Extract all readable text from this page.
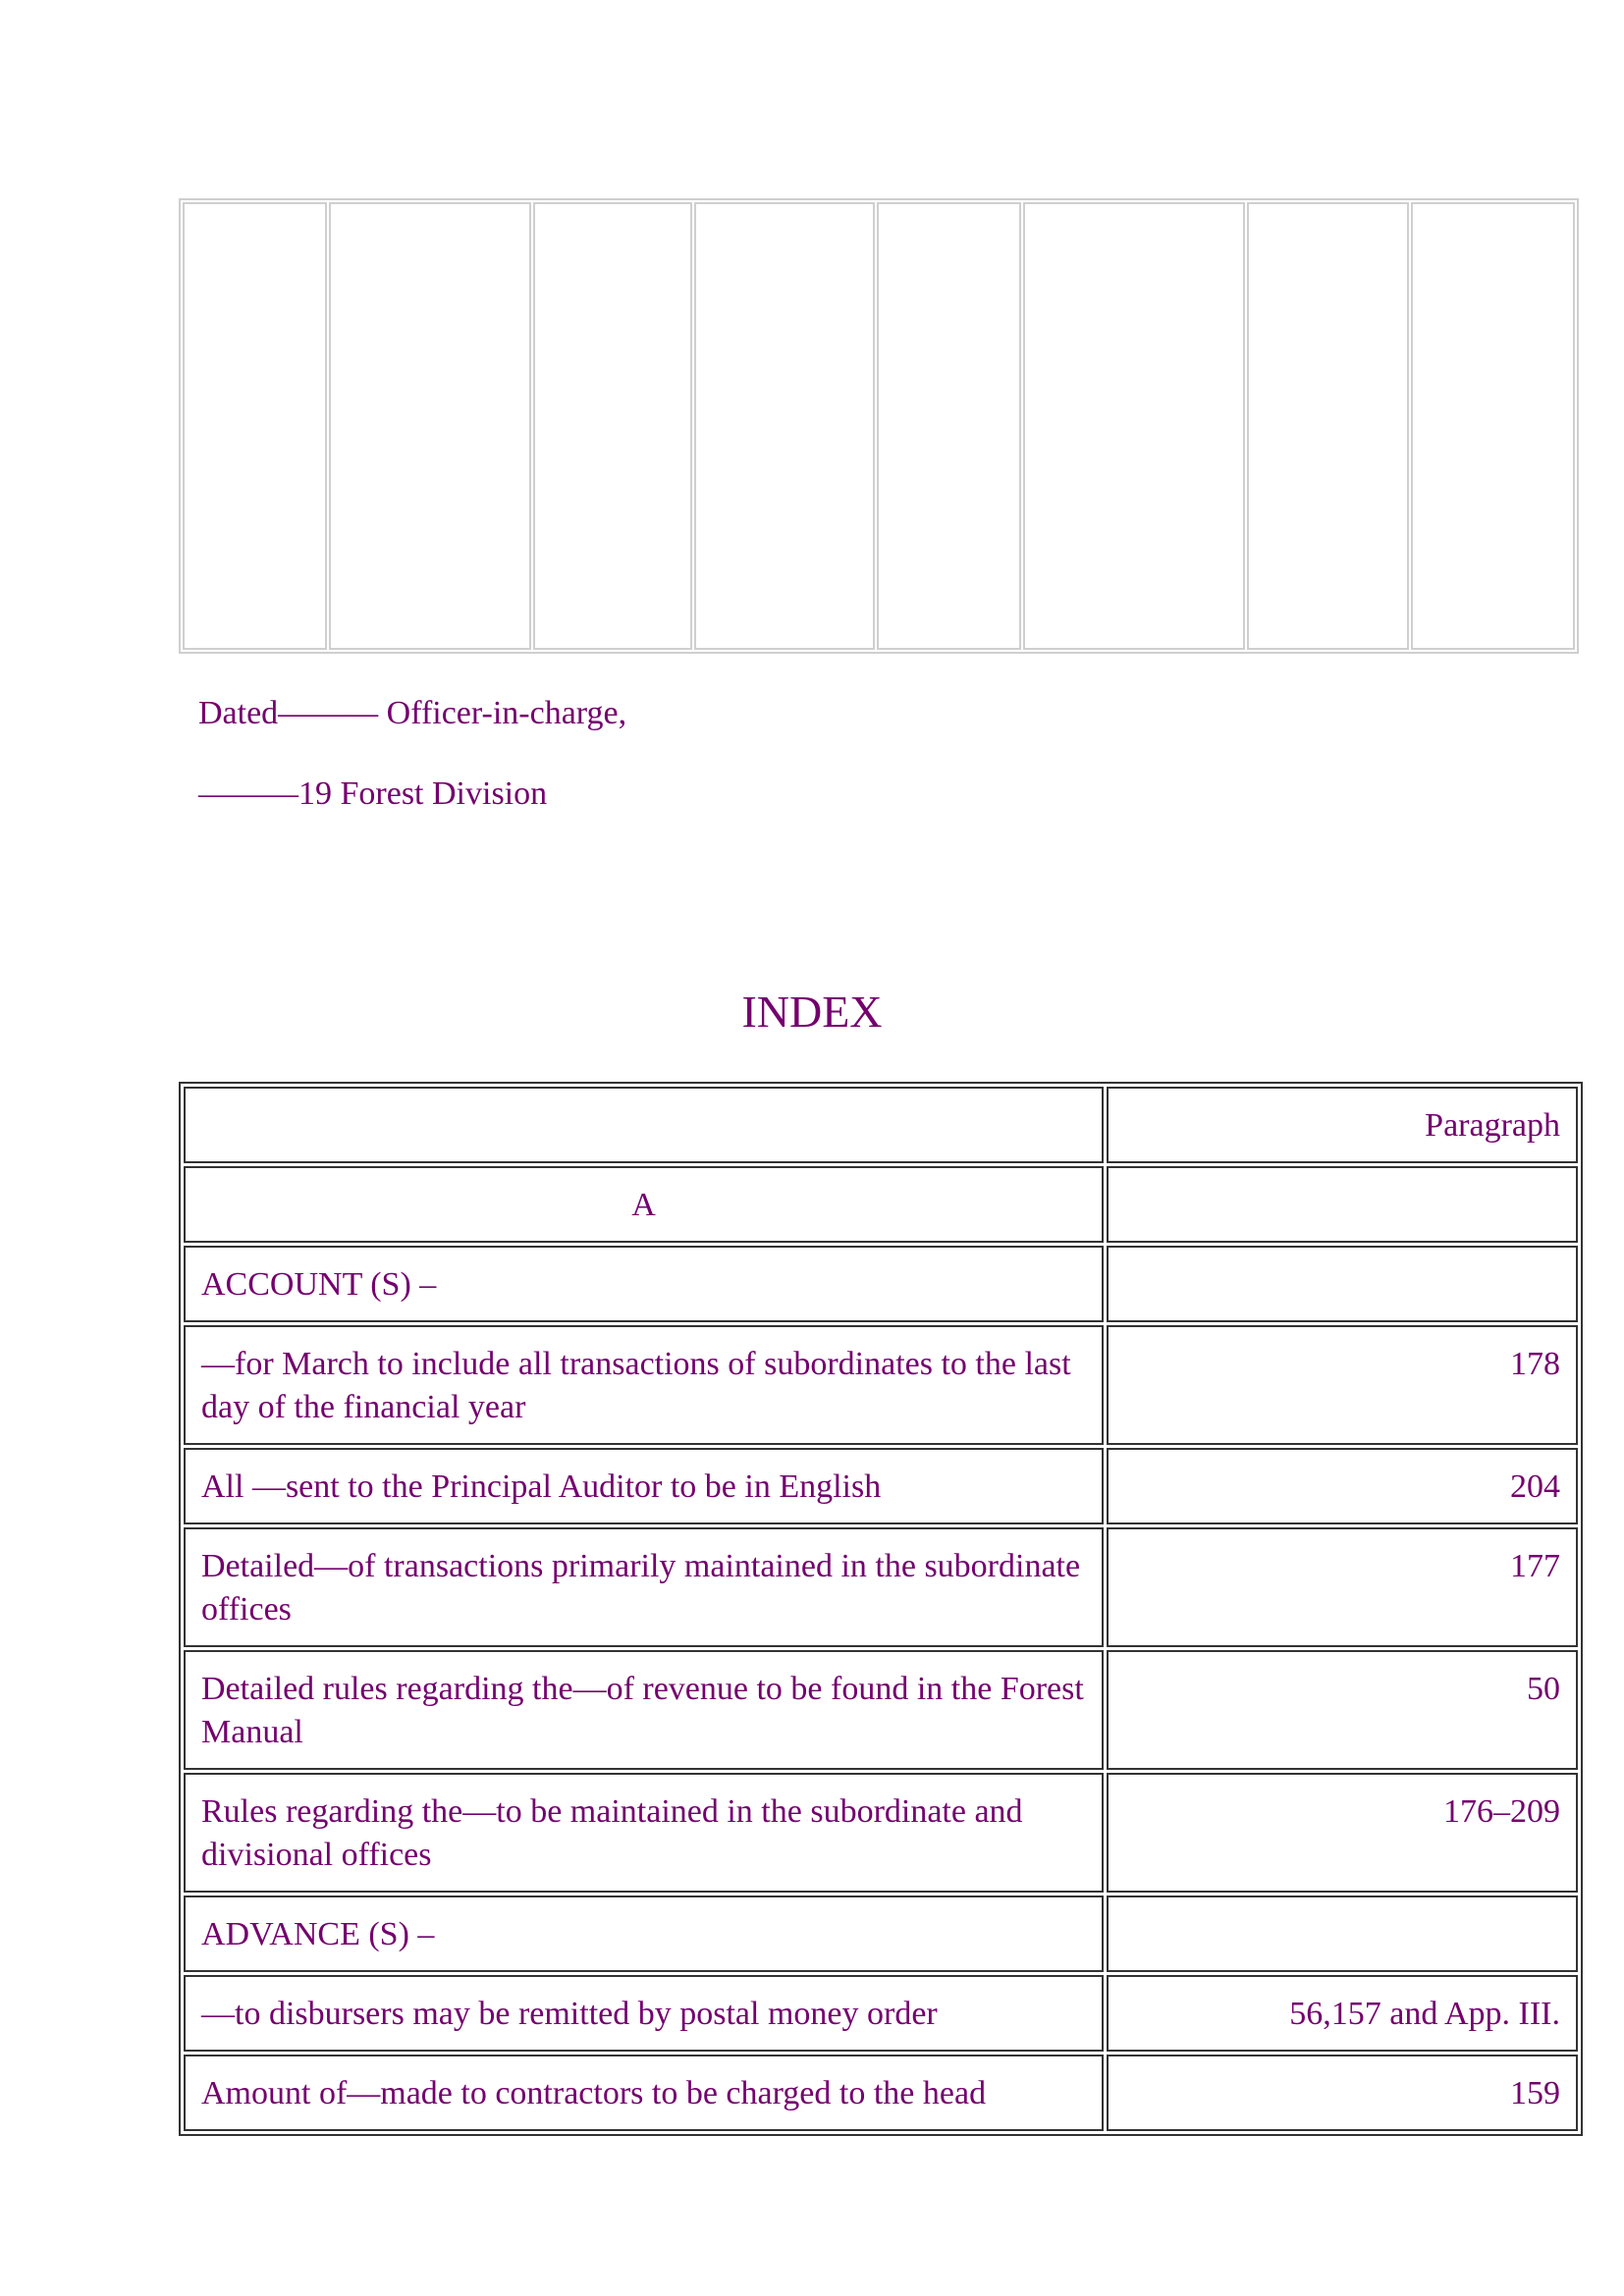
Dated——— Officer-in-charge,
———19 Forest Division
INDEX
	Paragraph
A	
ACCOUNT (S) –	
—for March to include all transactions of subordinates to the last day of the financial year	178
All —sent to the Principal Auditor to be in English	204
Detailed—of transactions primarily maintained in the subordinate offices	177
Detailed rules regarding the—of revenue to be found in the Forest Manual	50
Rules regarding the—to be maintained in the subordinate and divisional offices	176–209
ADVANCE (S) –	
—to disbursers may be remitted by postal money order	56,157 and App. III.
Amount of—made to contractors to be charged to the head	159
